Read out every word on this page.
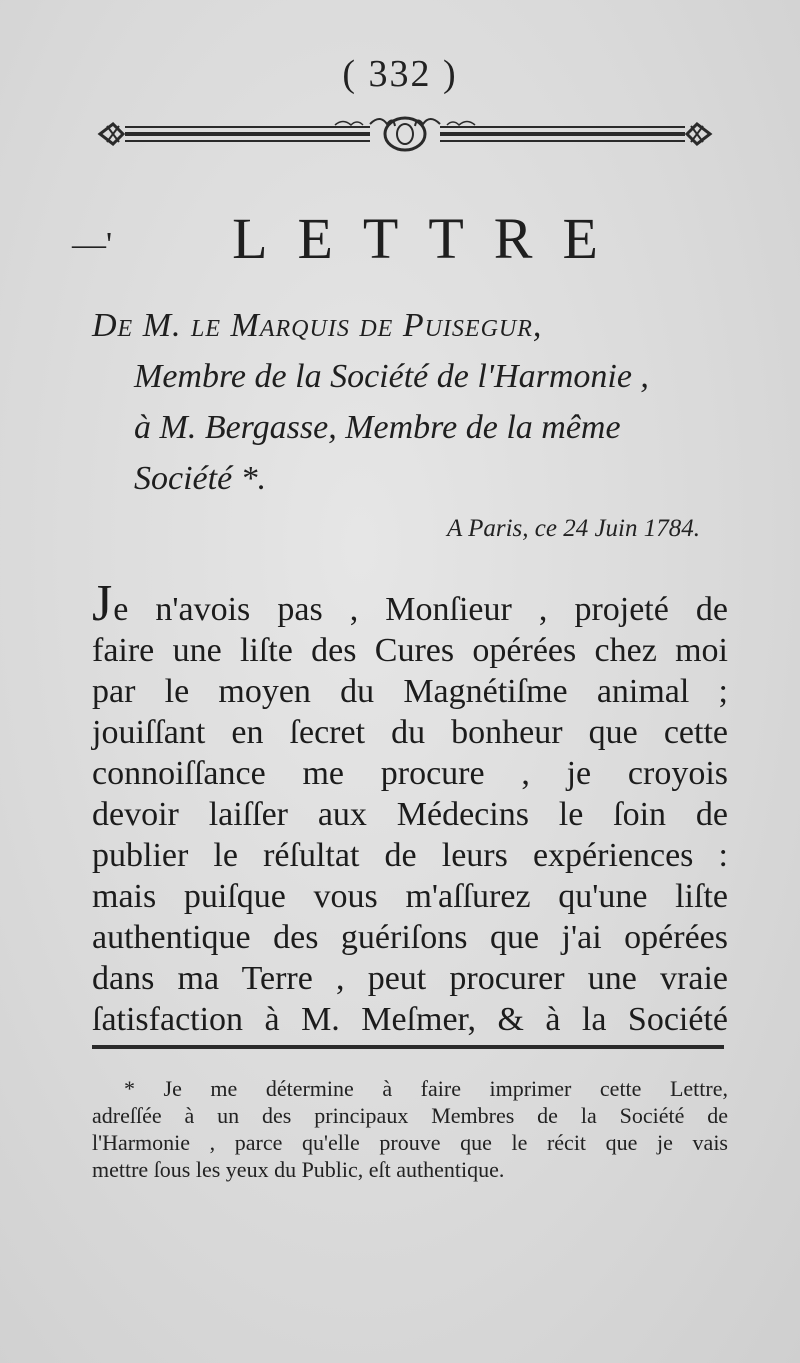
( 332 )
—'	LETTRE
De M. le Marquis de Puisegur,
Membre de la Société de l'Harmonie ,
à M. Bergasse, Membre de la même
Société *.
A Paris, ce 24 Juin 1784.
Je n'avois pas , Monſieur , projeté de
faire une liſte des Cures opérées chez moi
par le moyen du Magnétiſme animal ;
jouiſſant en ſecret du bonheur que cette
connoiſſance me procure , je croyois
devoir laiſſer aux Médecins le ſoin de
publier le réſultat de leurs expériences :
mais puiſque vous m'aſſurez qu'une liſte
authentique des guériſons que j'ai opérées
dans ma Terre , peut procurer une vraie
ſatisfaction à M. Meſmer, & à la Société
* Je me détermine à faire imprimer cette Lettre,
adreſſée à un des principaux Membres de la Société de
l'Harmonie , parce qu'elle prouve que le récit que je vais
mettre ſous les yeux du Public, eſt authentique.
